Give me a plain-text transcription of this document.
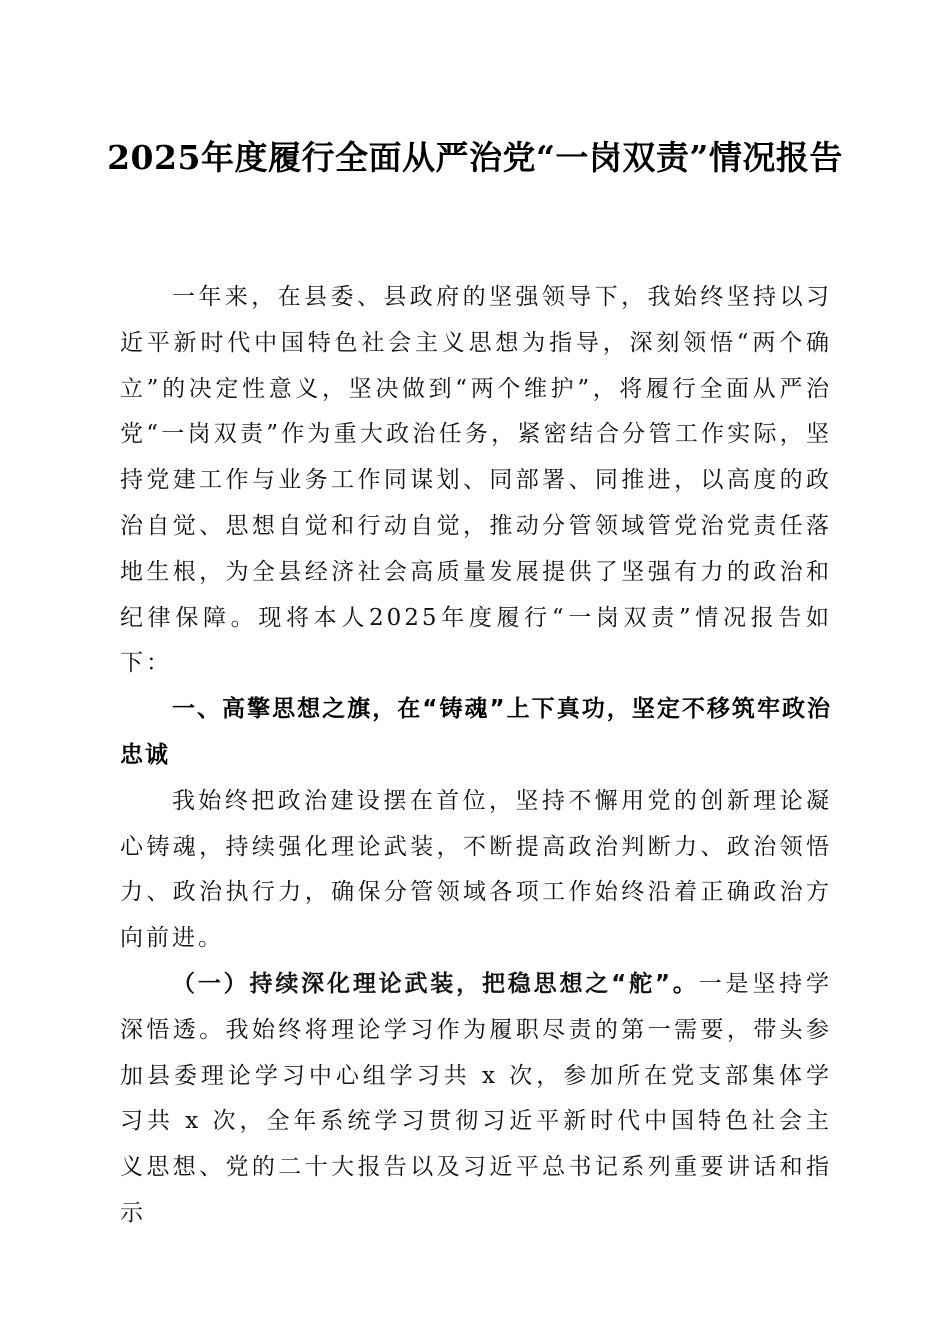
2025年度履行全面从严治党“一岗双责”情况报告

一年来，在县委、县政府的坚强领导下，我始终坚持以习近平新时代中国特色社会主义思想为指导，深刻领悟“两个确立”的决定性意义，坚决做到“两个维护”，将履行全面从严治党“一岗双责”作为重大政治任务，紧密结合分管工作实际，坚持党建工作与业务工作同谋划、同部署、同推进，以高度的政治自觉、思想自觉和行动自觉，推动分管领域管党治党责任落地生根，为全县经济社会高质量发展提供了坚强有力的政治和纪律保障。现将本人2025年度履行“一岗双责”情况报告如下：

一、高擎思想之旗，在“铸魂”上下真功，坚定不移筑牢政治忠诚

我始终把政治建设摆在首位，坚持不懈用党的创新理论凝心铸魂，持续强化理论武装，不断提高政治判断力、政治领悟力、政治执行力，确保分管领域各项工作始终沿着正确政治方向前进。

（一）持续深化理论武装，把稳思想之“舵”。一是坚持学深悟透。我始终将理论学习作为履职尽责的第一需要，带头参加县委理论学习中心组学习共 x 次，参加所在党支部集体学习共 x 次，全年系统学习贯彻习近平新时代中国特色社会主义思想、党的二十大报告以及习近平总书记系列重要讲话和指示
